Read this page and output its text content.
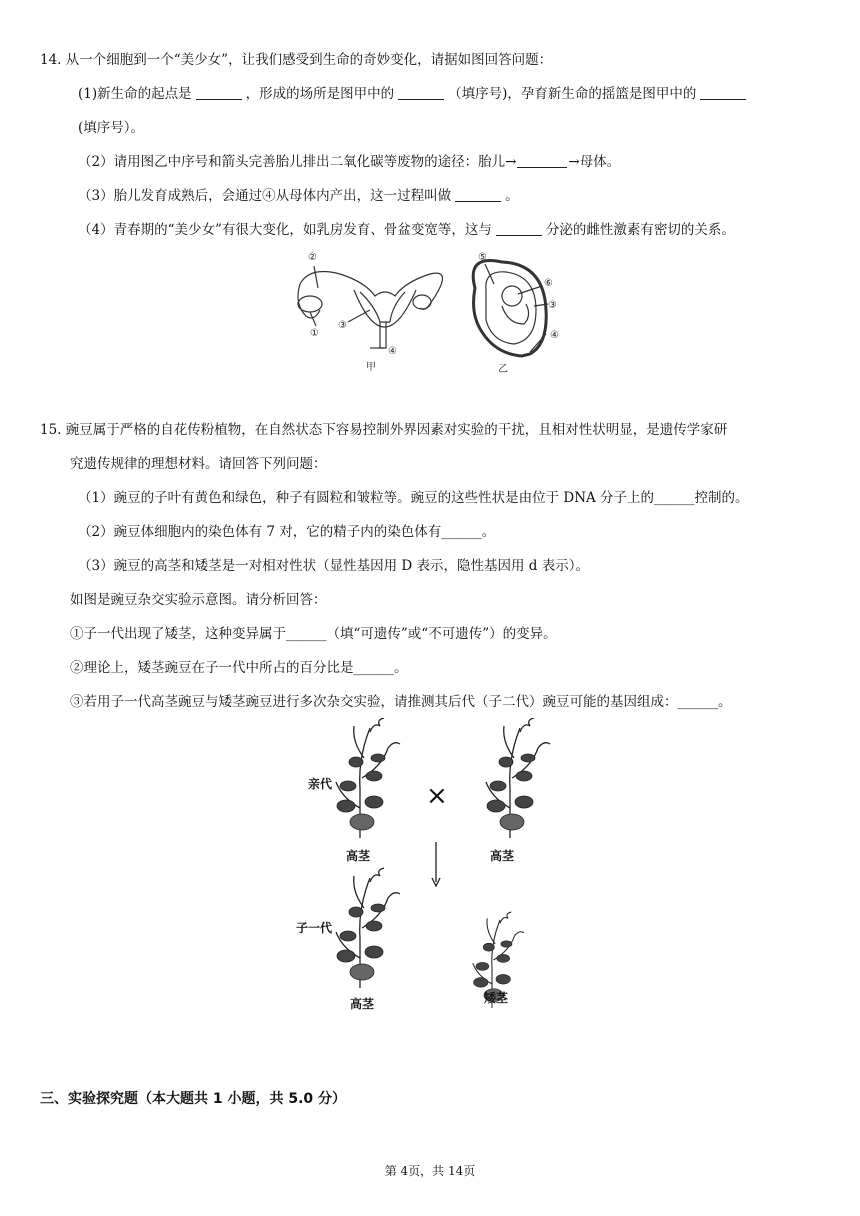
14. 从一个细胞到一个“美少女”，让我们感受到生命的奇妙变化，请据如图回答问题：
(1)新生命的起点是	，形成的场所是图甲中的	（填序号)，孕育新生命的摇篮是图甲中的
(填序号）。
（2）请用图乙中序号和箭头完善胎儿排出二氧化碳等废物的途径：胎儿→	→母体。
（3）胎儿发育成熟后，会通过④从母体内产出，这一过程叫做	。
（4）青春期的“美少女”有很大变化，如乳房发育、骨盆变宽等，这与	分泌的雌性激素有密切的关系。
②
①
③
④
甲
⑤
⑥
③
④
乙
15. 豌豆属于严格的自花传粉植物，在自然状态下容易控制外界因素对实验的干扰，且相对性状明显，是遗传学家研
究遗传规律的理想材料。请回答下列问题：
（1）豌豆的子叶有黄色和绿色，种子有圆粒和皱粒等。豌豆的这些性状是由位于 DNA 分子上的______控制的。
（2）豌豆体细胞内的染色体有 7 对，它的精子内的染色体有______。
（3）豌豆的高茎和矮茎是一对相对性状（显性基因用 D 表示，隐性基因用 d 表示）。
如图是豌豆杂交实验示意图。请分析回答：
①子一代出现了矮茎，这种变异属于______（填“可遗传”或“不可遗传”）的变异。
②理论上，矮茎豌豆在子一代中所占的百分比是______。
③若用子一代高茎豌豆与矮茎豌豆进行多次杂交实验，请推测其后代（子二代）豌豆可能的基因组成：______。
亲代	×
高茎	高茎
子一代
高茎	矮茎
三、实验探究题（本大题共 1 小题，共 5.0 分）
第 4页，共 14页
